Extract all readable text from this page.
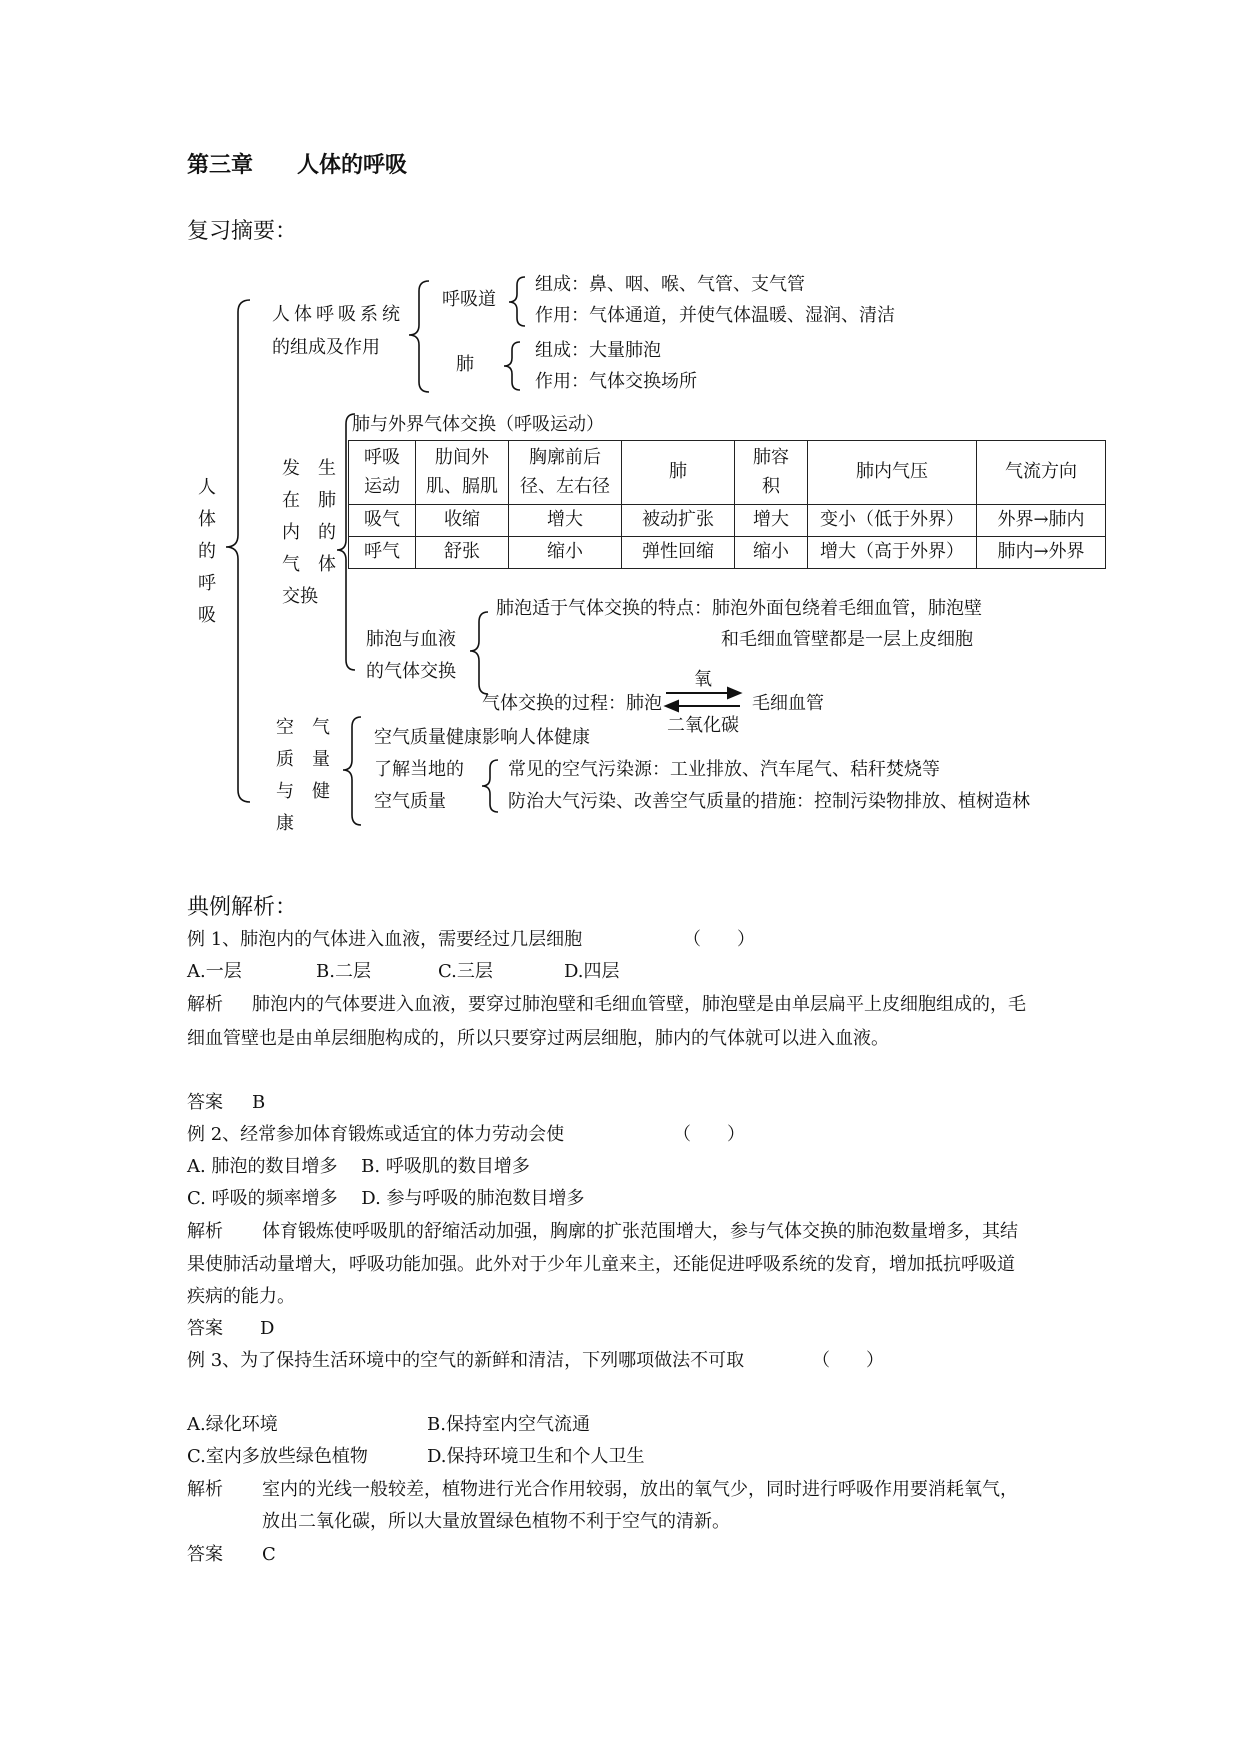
第三章　　人体的呼吸
复习摘要：
人
体
的
呼
吸
人体呼吸系统
的组成及作用
呼吸道
组成：鼻、咽、喉、气管、支气管
作用：气体通道，并使气体温暖、湿润、清洁
肺
组成：大量肺泡
作用：气体交换场所
发　生
在　肺
内　的
气　体
交换
肺与外界气体交换（呼吸运动）
呼吸运动	肋间外肌、膈肌	胸廓前后径、左右径	肺	肺容积	肺内气压	气流方向
吸气	收缩	增大	被动扩张	增大	变小（低于外界）	外界→肺内
呼气	舒张	缩小	弹性回缩	缩小	增大（高于外界）	肺内→外界
肺泡与血液
的气体交换
肺泡适于气体交换的特点：肺泡外面包绕着毛细血管，肺泡壁
和毛细血管壁都是一层上皮细胞
气体交换的过程：肺泡
氧
毛细血管
二氧化碳
空　气
质　量
与　健
康
空气质量健康影响人体健康
了解当地的
空气质量
常见的空气污染源：工业排放、汽车尾气、秸秆焚烧等
防治大气污染、改善空气质量的措施：控制污染物排放、植树造林
典例解析：
例 1、肺泡内的气体进入血液，需要经过几层细胞	（　　）
A.一层	B.二层	C.三层	D.四层
解析 肺泡内的气体要进入血液，要穿过肺泡壁和毛细血管壁，肺泡壁是由单层扁平上皮细胞组成的，毛
细血管壁也是由单层细胞构成的，所以只要穿过两层细胞，肺内的气体就可以进入血液。
答案 B
例 2、经常参加体育锻炼或适宜的体力劳动会使	（　　）
A. 肺泡的数目增多　 B. 呼吸肌的数目增多
C. 呼吸的频率增多　 D. 参与呼吸的肺泡数目增多
解析 体育锻炼使呼吸肌的舒缩活动加强，胸廓的扩张范围增大，参与气体交换的肺泡数量增多，其结
果使肺活动量增大，呼吸功能加强。此外对于少年儿童来主，还能促进呼吸系统的发育，增加抵抗呼吸道
疾病的能力。
答案 D
例 3、为了保持生活环境中的空气的新鲜和清洁，下列哪项做法不可取	（　　）
A.绿化环境	B.保持室内空气流通
C.室内多放些绿色植物	D.保持环境卫生和个人卫生
解析 室内的光线一般较差，植物进行光合作用较弱，放出的氧气少，同时进行呼吸作用要消耗氧气，
放出二氧化碳，所以大量放置绿色植物不利于空气的清新。
答案 C
